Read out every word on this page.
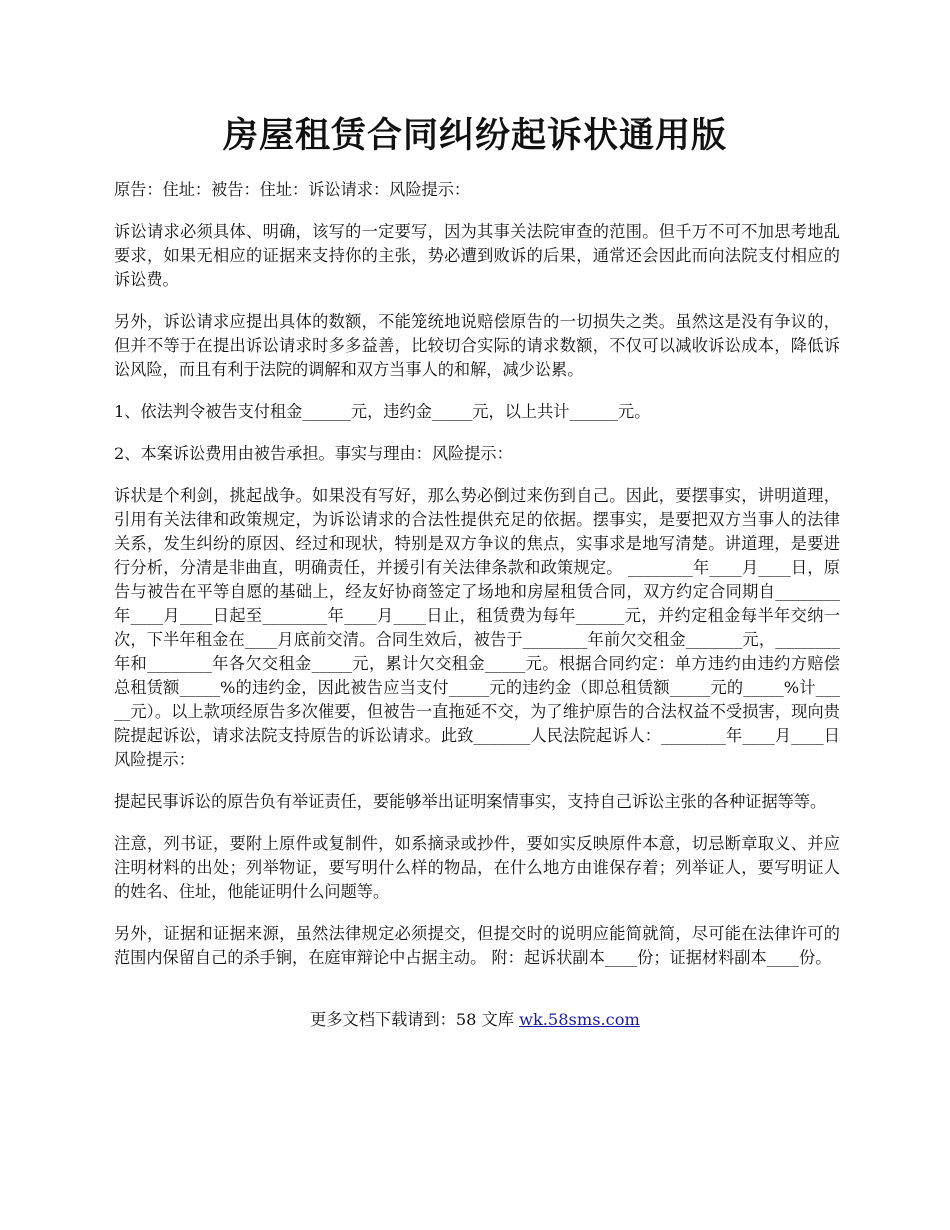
房屋租赁合同纠纷起诉状通用版

原告：住址：被告：住址：诉讼请求：风险提示：

诉讼请求必须具体、明确，该写的一定要写，因为其事关法院审查的范围。但千万不可不加思考地乱要求，如果无相应的证据来支持你的主张，势必遭到败诉的后果，通常还会因此而向法院支付相应的诉讼费。

另外，诉讼请求应提出具体的数额，不能笼统地说赔偿原告的一切损失之类。虽然这是没有争议的，但并不等于在提出诉讼请求时多多益善，比较切合实际的请求数额，不仅可以减收诉讼成本，降低诉讼风险，而且有利于法院的调解和双方当事人的和解，减少讼累。

1、依法判令被告支付租金______元，违约金_____元，以上共计______元。

2、本案诉讼费用由被告承担。事实与理由：风险提示：

诉状是个利剑，挑起战争。如果没有写好，那么势必倒过来伤到自己。因此，要摆事实，讲明道理，引用有关法律和政策规定，为诉讼请求的合法性提供充足的依据。摆事实，是要把双方当事人的法律关系，发生纠纷的原因、经过和现状，特别是双方争议的焦点，实事求是地写清楚。讲道理，是要进行分析，分清是非曲直，明确责任，并援引有关法律条款和政策规定。 ________年____月____日，原告与被告在平等自愿的基础上，经友好协商签定了场地和房屋租赁合同，双方约定合同期自________年____月____日起至________年____月____日止，租赁费为每年______元，并约定租金每半年交纳一次，下半年租金在____月底前交清。合同生效后，被告于________年前欠交租金_______元，________年和________年各欠交租金_____元，累计欠交租金_____元。根据合同约定：单方违约由违约方赔偿总租赁额_____%的违约金，因此被告应当支付_____元的违约金（即总租赁额_____元的_____%计_____元）。以上款项经原告多次催要，但被告一直拖延不交，为了维护原告的合法权益不受损害，现向贵院提起诉讼，请求法院支持原告的诉讼请求。此致_______人民法院起诉人：________年____月____日风险提示：

提起民事诉讼的原告负有举证责任，要能够举出证明案情事实，支持自己诉讼主张的各种证据等等。

注意，列书证，要附上原件或复制件，如系摘录或抄件，要如实反映原件本意，切忌断章取义、并应注明材料的出处；列举物证，要写明什么样的物品，在什么地方由谁保存着；列举证人，要写明证人的姓名、住址，他能证明什么问题等。

另外，证据和证据来源，虽然法律规定必须提交，但提交时的说明应能简就简，尽可能在法律许可的范围内保留自己的杀手锏，在庭审辩论中占据主动。 附：起诉状副本____份；证据材料副本____份。

更多文档下载请到：58 文库 wk.58sms.com
